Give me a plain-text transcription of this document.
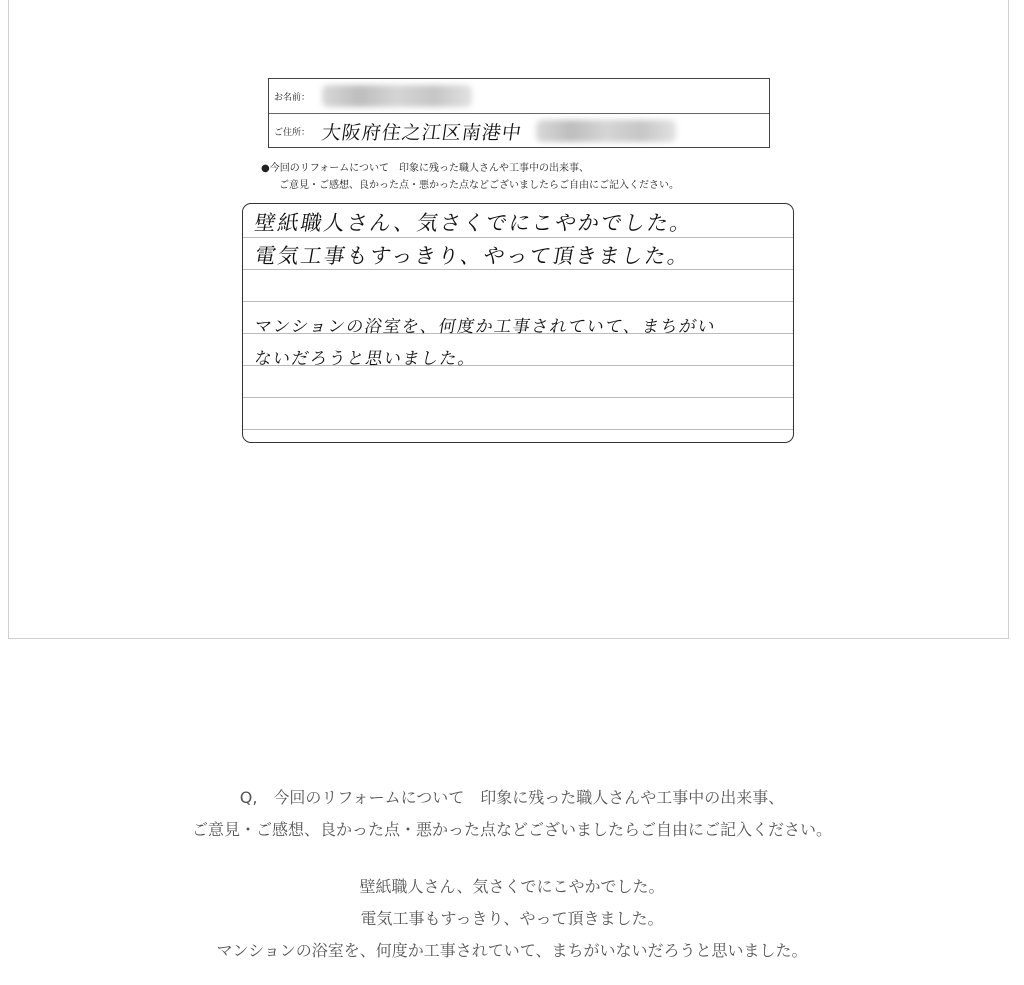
お名前：
ご住所： 大阪府住之江区南港中
●今回のリフォームについて　印象に残った職人さんや工事中の出来事、
ご意見・ご感想、良かった点・悪かった点などございましたらご自由にご記入ください。
壁紙職人さん、気さくでにこやかでした。
電気工事もすっきり、やって頂きました。
マンションの浴室を、何度か工事されていて、まちがい
ないだろうと思いました。
Q,　今回のリフォームについて　印象に残った職人さんや工事中の出来事、
ご意見・ご感想、良かった点・悪かった点などございましたらご自由にご記入ください。
壁紙職人さん、気さくでにこやかでした。
電気工事もすっきり、やって頂きました。
マンションの浴室を、何度か工事されていて、まちがいないだろうと思いました。
